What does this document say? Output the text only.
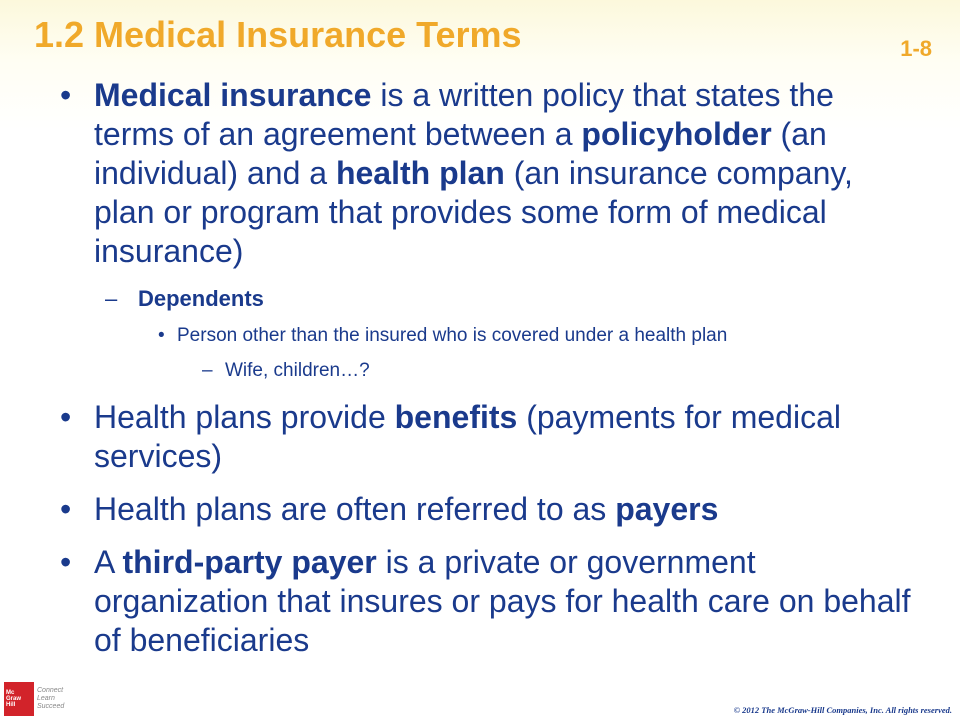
1.2 Medical Insurance Terms	1-8
• Medical insurance is a written policy that states the terms of an agreement between a policyholder (an individual) and a health plan (an insurance company, plan or program that provides some form of medical insurance)
– Dependents
• Person other than the insured who is covered under a health plan
– Wife, children…?
• Health plans provide benefits (payments for medical services)
• Health plans are often referred to as payers
• A third-party payer is a private or government organization that insures or pays for health care on behalf of beneficiaries
Mc
Graw
Hill
Connect
Learn
Succeed	© 2012 The McGraw-Hill Companies, Inc. All rights reserved.
